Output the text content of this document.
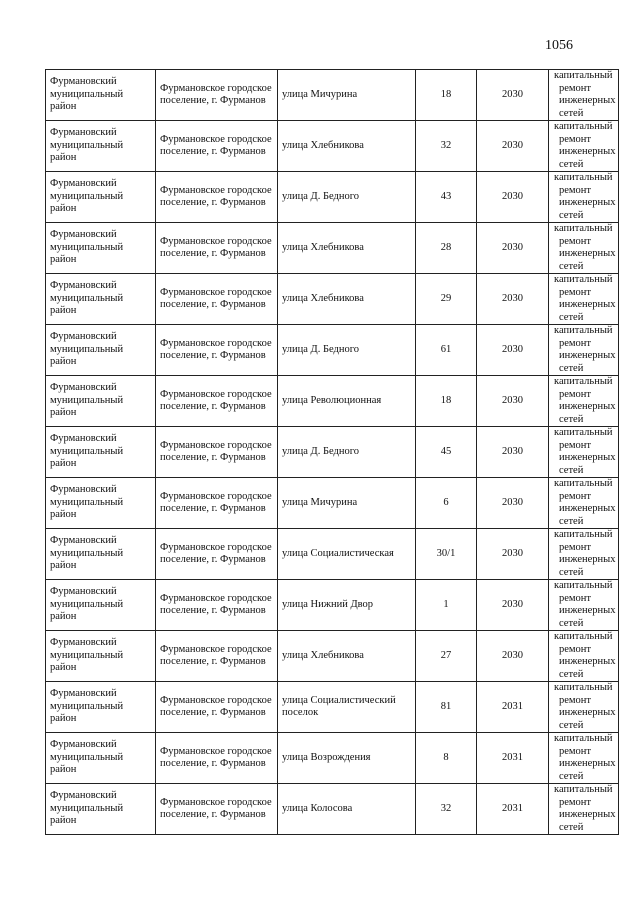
1056
Фурмановский муниципальный район	Фурмановское городское поселение, г. Фурманов	улица Мичурина	18	2030	капитальный
ремонт инженерных сетей

Фурмановский муниципальный район	Фурмановское городское поселение, г. Фурманов	улица Хлебникова	32	2030	капитальный
ремонт инженерных сетей

Фурмановский муниципальный район	Фурмановское городское поселение, г. Фурманов	улица Д. Бедного	43	2030	капитальный
ремонт инженерных сетей

Фурмановский муниципальный район	Фурмановское городское поселение, г. Фурманов	улица Хлебникова	28	2030	капитальный
ремонт инженерных сетей

Фурмановский муниципальный район	Фурмановское городское поселение, г. Фурманов	улица Хлебникова	29	2030	капитальный
ремонт инженерных сетей

Фурмановский муниципальный район	Фурмановское городское поселение, г. Фурманов	улица Д. Бедного	61	2030	капитальный
ремонт инженерных сетей

Фурмановский муниципальный район	Фурмановское городское поселение, г. Фурманов	улица Революционная	18	2030	капитальный
ремонт инженерных сетей

Фурмановский муниципальный район	Фурмановское городское поселение, г. Фурманов	улица Д. Бедного	45	2030	капитальный
ремонт инженерных сетей

Фурмановский муниципальный район	Фурмановское городское поселение, г. Фурманов	улица Мичурина	6	2030	капитальный
ремонт инженерных сетей

Фурмановский муниципальный район	Фурмановское городское поселение, г. Фурманов	улица Социалистическая	30/1	2030	капитальный
ремонт инженерных сетей

Фурмановский муниципальный район	Фурмановское городское поселение, г. Фурманов	улица Нижний Двор	1	2030	капитальный
ремонт инженерных сетей

Фурмановский муниципальный район	Фурмановское городское поселение, г. Фурманов	улица Хлебникова	27	2030	капитальный
ремонт инженерных сетей

Фурмановский муниципальный район	Фурмановское городское поселение, г. Фурманов	улица Социалистический поселок	81	2031	капитальный
ремонт инженерных сетей

Фурмановский муниципальный район	Фурмановское городское поселение, г. Фурманов	улица Возрождения	8	2031	капитальный
ремонт инженерных сетей

Фурмановский муниципальный район	Фурмановское городское поселение, г. Фурманов	улица Колосова	32	2031	капитальный
ремонт инженерных сетей
